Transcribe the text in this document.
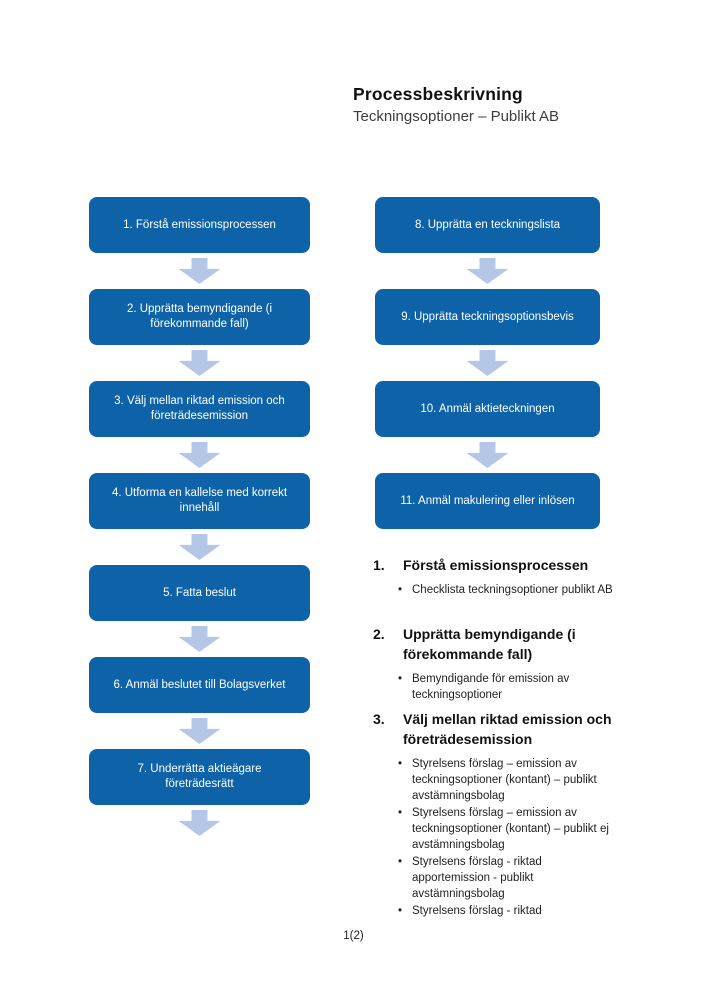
Processbeskrivning
Teckningsoptioner – Publikt AB
1. Förstå emissionsprocessen
2. Upprätta bemyndigande (i förekommande fall)
3. Välj mellan riktad emission och företrädesemission
4. Utforma en kallelse med korrekt innehåll
5. Fatta beslut
6. Anmäl beslutet till Bolagsverket
7. Underrätta aktieägare företrädesrätt
8. Upprätta en teckningslista
9. Upprätta teckningsoptionsbevis
10. Anmäl aktieteckningen
11. Anmäl makulering eller inlösen
1.	Förstå emissionsprocessen
• Checklista teckningsoptioner publikt AB
2.	Upprätta bemyndigande (i förekommande fall)
• Bemyndigande för emission av teckningsoptioner
3.	Välj mellan riktad emission och företrädesemission
• Styrelsens förslag – emission av teckningsoptioner (kontant) – publikt avstämningsbolag
• Styrelsens förslag – emission av teckningsoptioner (kontant) – publikt ej avstämningsbolag
• Styrelsens förslag - riktad apportemission - publikt avstämningsbolag
• Styrelsens förslag - riktad
1(2)
